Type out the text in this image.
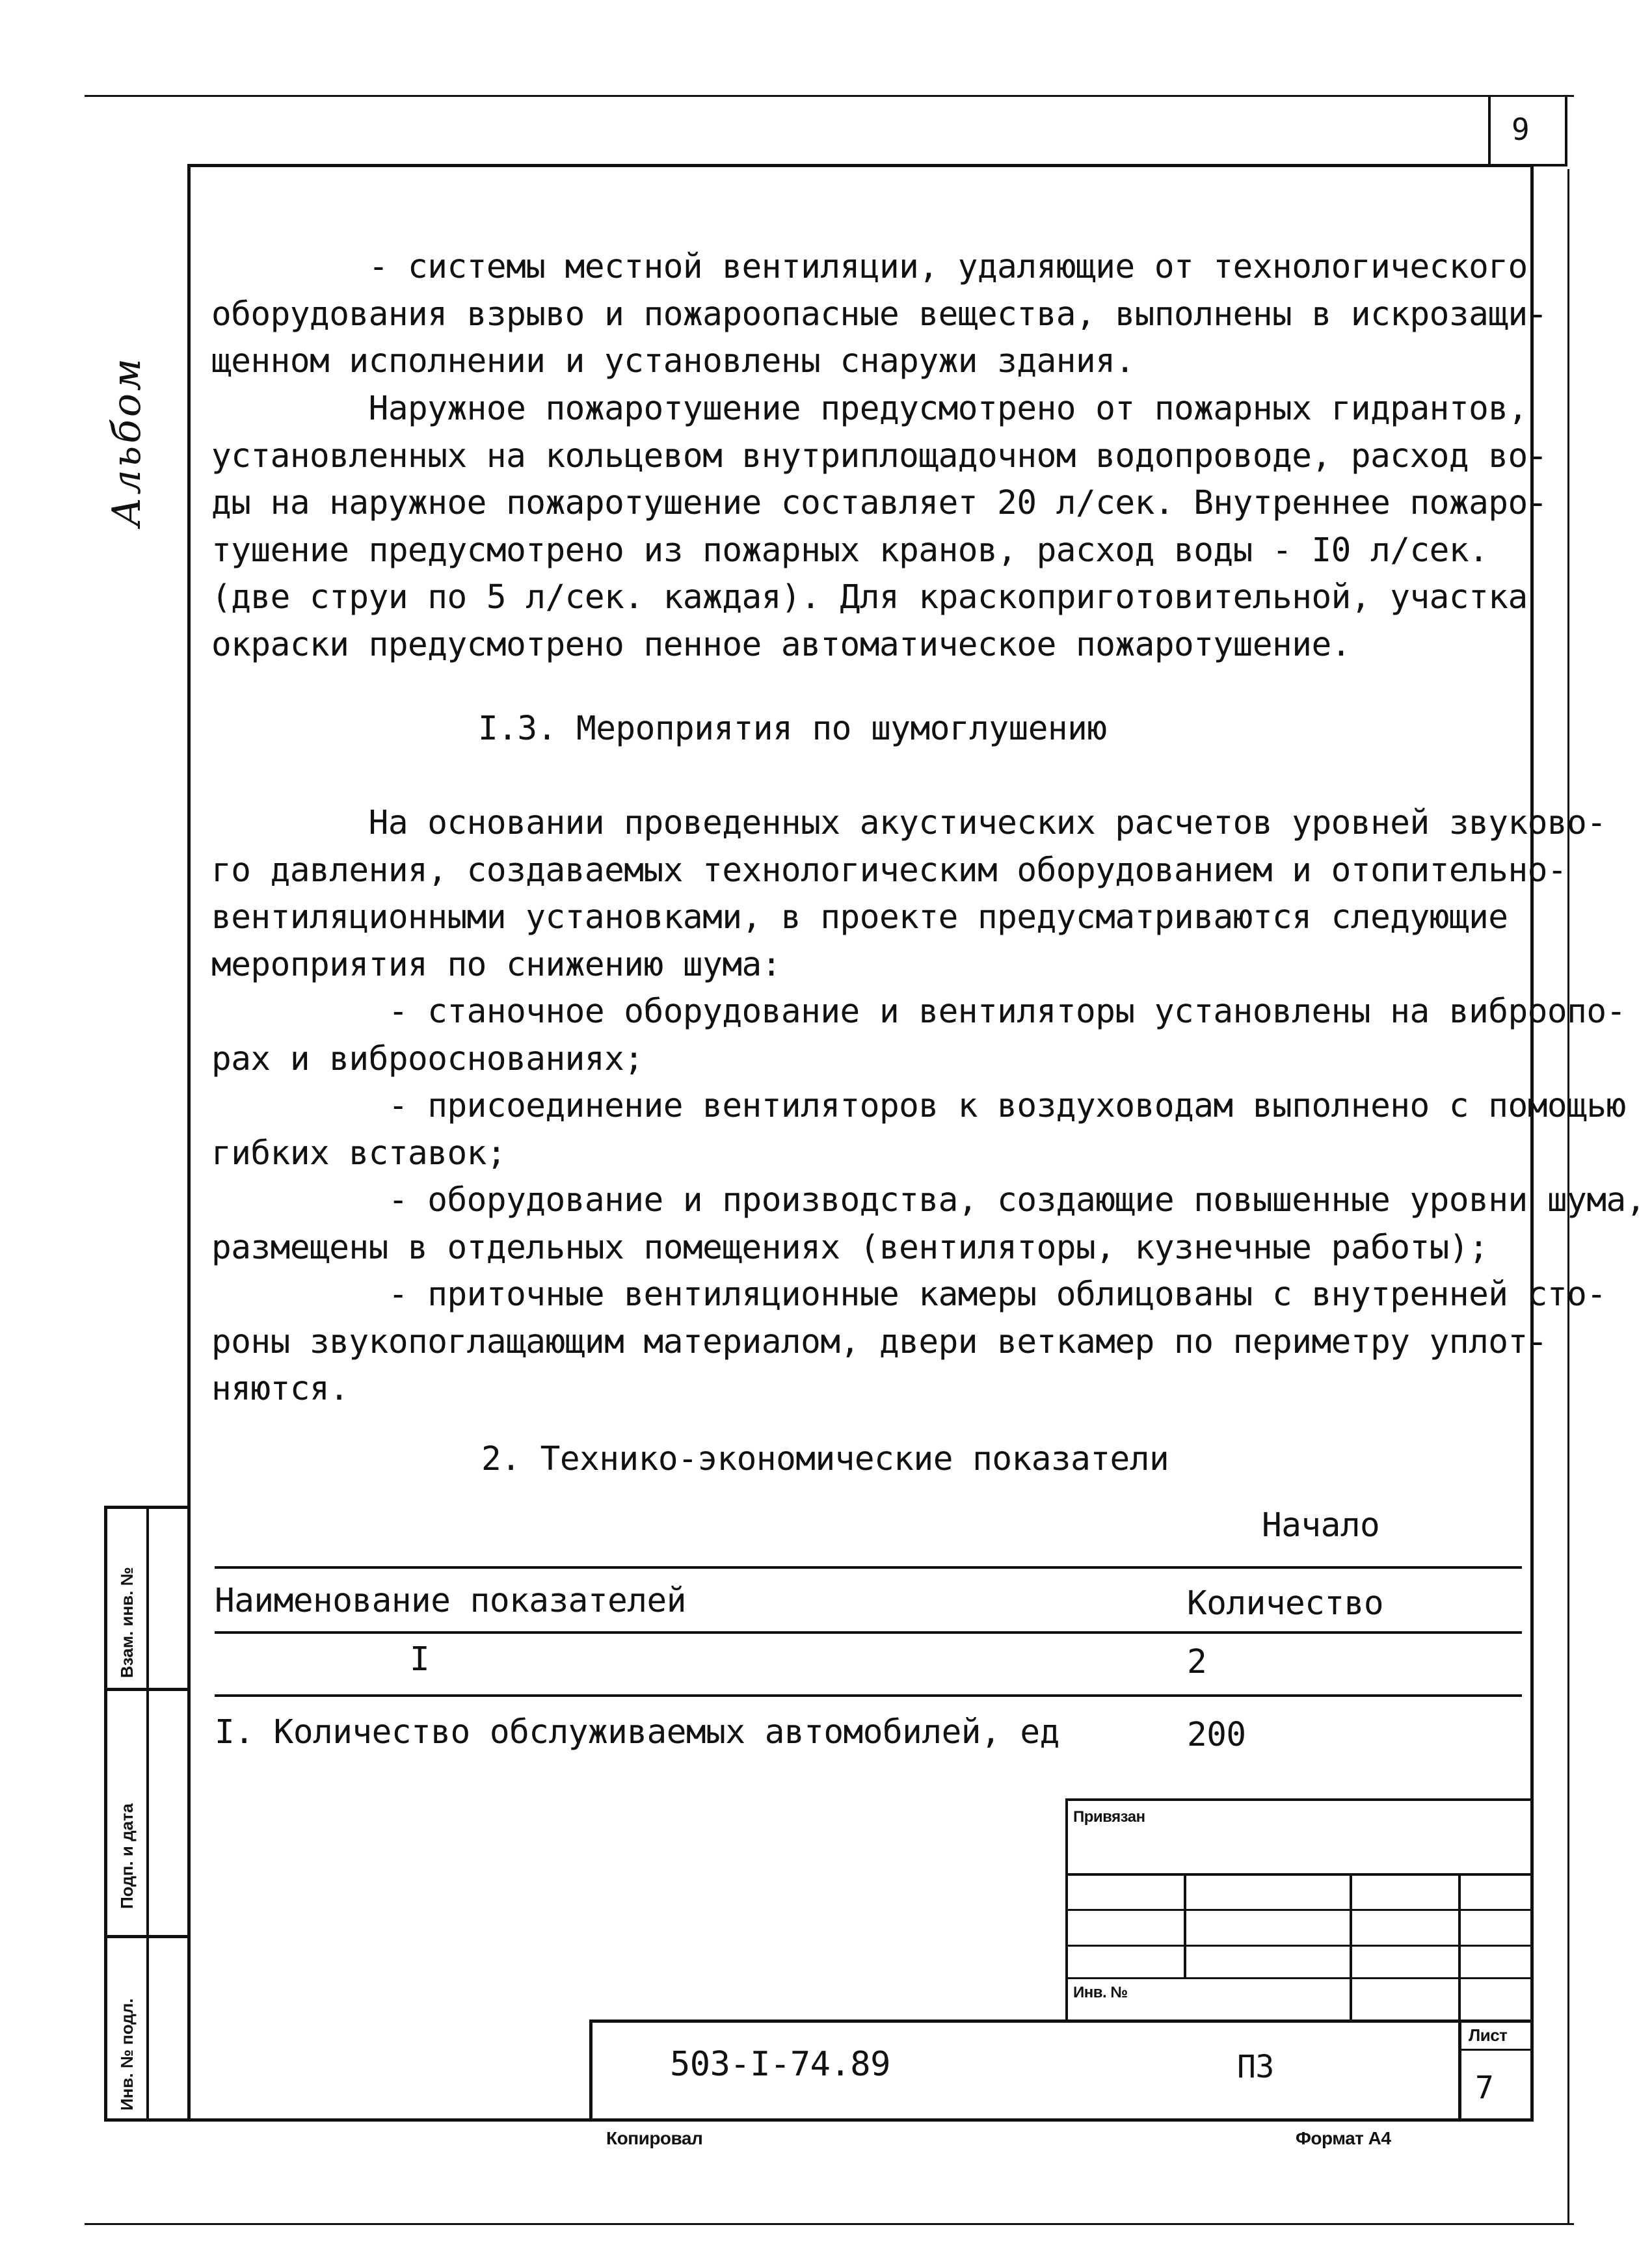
9
Альбом
- системы местной вентиляции, удаляющие от технологического
оборудования взрыво и пожароопасные вещества, выполнены в искрозащи-
щенном исполнении и установлены снаружи здания.
Наружное пожаротушение предусмотрено от пожарных гидрантов,
установленных на кольцевом внутриплощадочном водопроводе, расход во-
ды на наружное пожаротушение составляет 20 л/сек. Внутреннее пожаро-
тушение предусмотрено из пожарных кранов, расход воды - I0 л/сек.
(две струи по 5 л/сек. каждая). Для краскоприготовительной, участка
окраски предусмотрено пенное автоматическое пожаротушение.
I.3. Мероприятия по шумоглушению
На основании проведенных акустических расчетов уровней звуково-
го давления, создаваемых технологическим оборудованием и отопительно-
вентиляционными установками, в проекте предусматриваются следующие
мероприятия по снижению шума:
- станочное оборудование и вентиляторы установлены на виброопо-
рах и виброоснованиях;
- присоединение вентиляторов к воздуховодам выполнено с помощью
гибких вставок;
- оборудование и производства, создающие повышенные уровни шума,
размещены в отдельных помещениях (вентиляторы, кузнечные работы);
- приточные вентиляционные камеры облицованы с внутренней сто-
роны звукопоглащающим материалом, двери веткамер по периметру уплот-
няются.
2. Технико-экономические показатели
Начало
Наименование показателей	Количество
I	2
I. Количество обслуживаемых автомобилей, ед	200
Привязан
Инв. №
503-I-74.89	ПЗ
Лист
7
Взам. инв. №
Подп. и дата
Инв. № подл.
Копировал	Формат А4
